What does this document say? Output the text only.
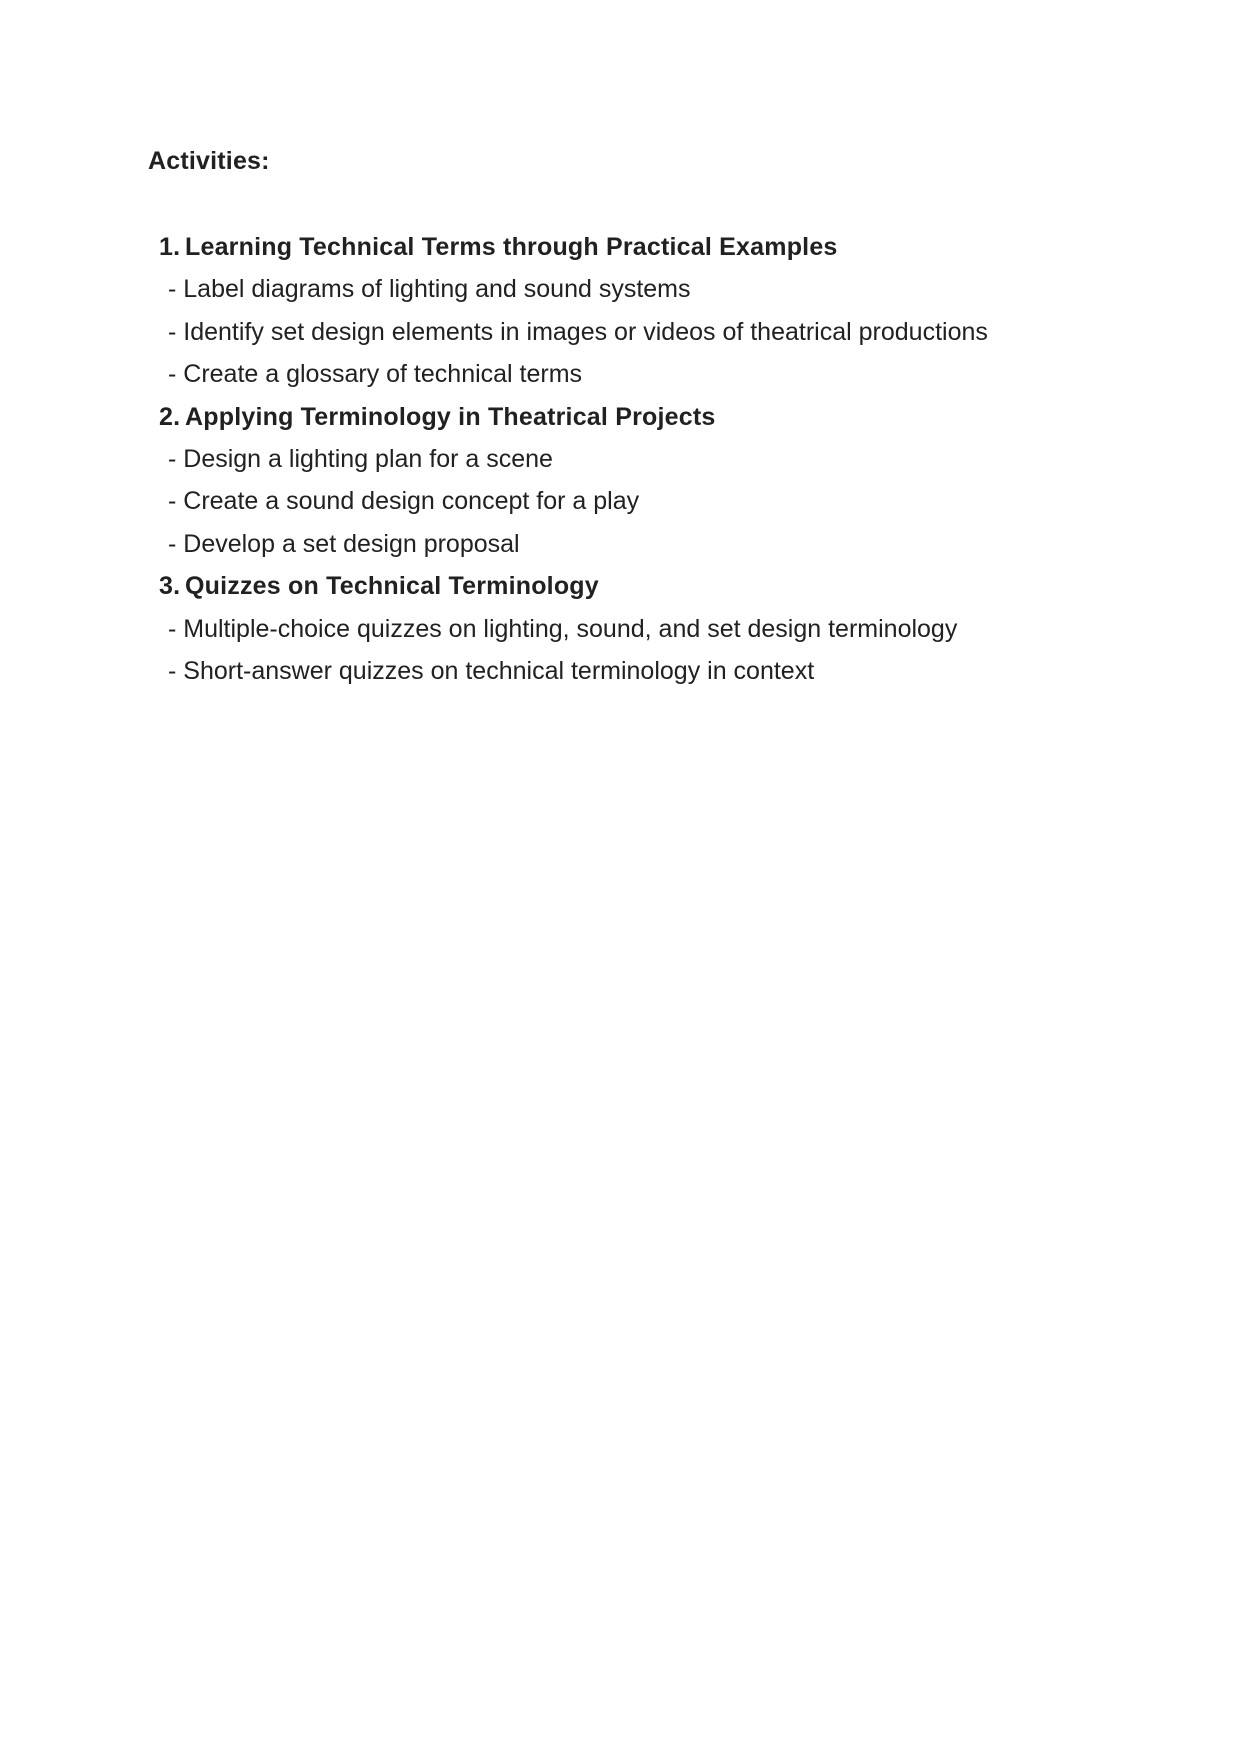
Activities:
1. Learning Technical Terms through Practical Examples
- Label diagrams of lighting and sound systems
- Identify set design elements in images or videos of theatrical productions
- Create a glossary of technical terms
2. Applying Terminology in Theatrical Projects
- Design a lighting plan for a scene
- Create a sound design concept for a play
- Develop a set design proposal
3. Quizzes on Technical Terminology
- Multiple-choice quizzes on lighting, sound, and set design terminology
- Short-answer quizzes on technical terminology in context
